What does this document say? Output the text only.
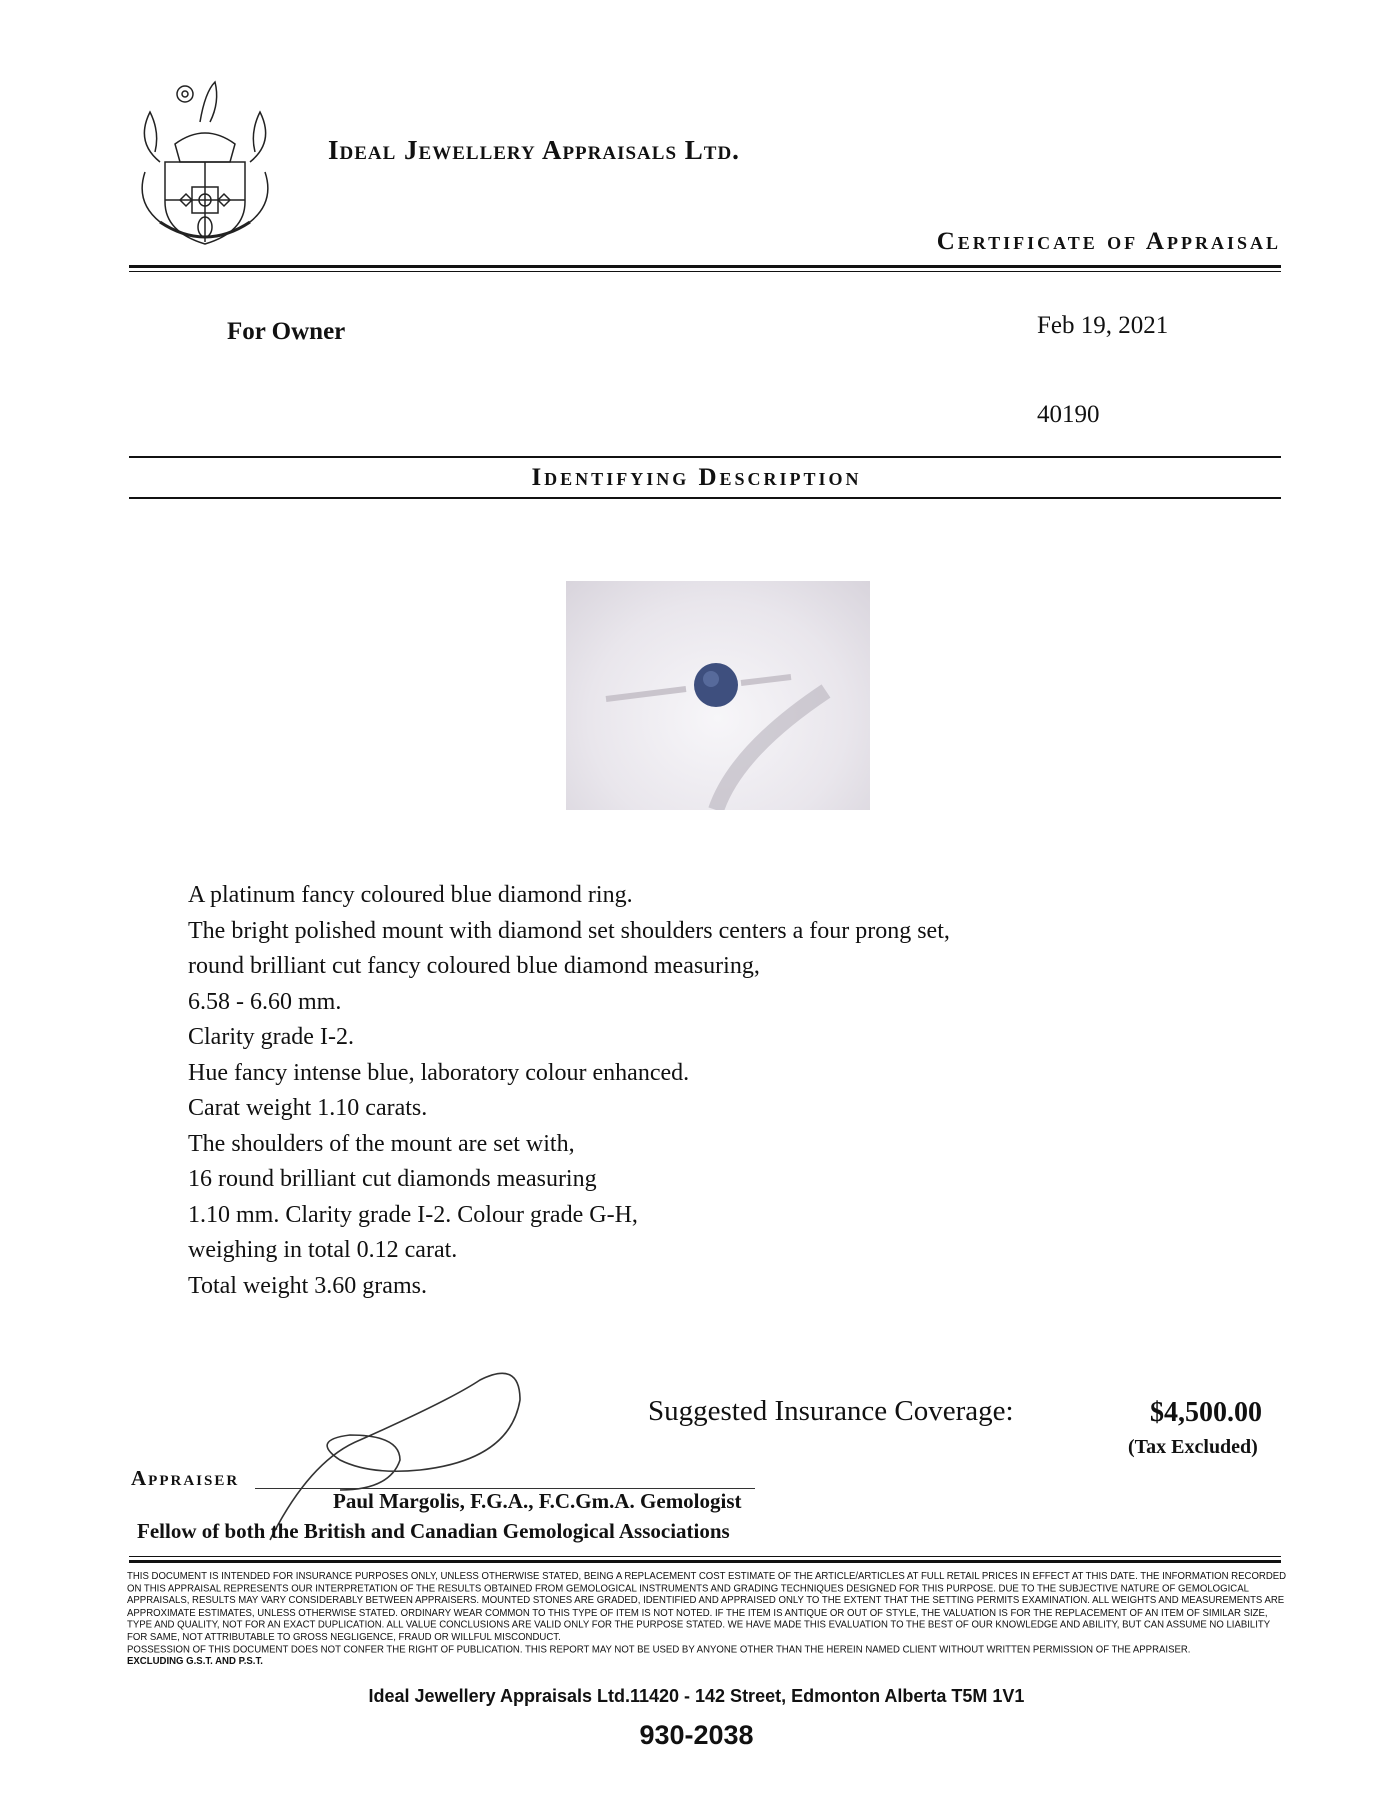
Ideal Jewellery Appraisals Ltd.
Certificate of Appraisal
For Owner	Feb 19, 2021
40190
Identifying Description
A platinum fancy coloured blue diamond ring.
The bright polished mount with diamond set shoulders centers a four prong set,
round brilliant cut fancy coloured blue diamond measuring,
6.58 - 6.60 mm.
Clarity grade I-2.
Hue fancy intense blue, laboratory colour enhanced.
Carat weight 1.10 carats.
The shoulders of the mount are set with,
16 round brilliant cut diamonds measuring
1.10 mm. Clarity grade I-2. Colour grade G-H,
weighing in total 0.12 carat.
Total weight 3.60 grams.
Suggested Insurance Coverage:	$4,500.00
(Tax Excluded)
Appraiser
Paul Margolis, F.G.A., F.C.Gm.A. Gemologist
Fellow of both the British and Canadian Gemological Associations
THIS DOCUMENT IS INTENDED FOR INSURANCE PURPOSES ONLY, UNLESS OTHERWISE STATED, BEING A REPLACEMENT COST ESTIMATE OF THE ARTICLE/ARTICLES AT FULL RETAIL PRICES IN EFFECT AT THIS DATE. THE INFORMATION RECORDED ON THIS APPRAISAL REPRESENTS OUR INTERPRETATION OF THE RESULTS OBTAINED FROM GEMOLOGICAL INSTRUMENTS AND GRADING TECHNIQUES DESIGNED FOR THIS PURPOSE. DUE TO THE SUBJECTIVE NATURE OF GEMOLOGICAL APPRAISALS, RESULTS MAY VARY CONSIDERABLY BETWEEN APPRAISERS. MOUNTED STONES ARE GRADED, IDENTIFIED AND APPRAISED ONLY TO THE EXTENT THAT THE SETTING PERMITS EXAMINATION. ALL WEIGHTS AND MEASUREMENTS ARE APPROXIMATE ESTIMATES, UNLESS OTHERWISE STATED. ORDINARY WEAR COMMON TO THIS TYPE OF ITEM IS NOT NOTED. IF THE ITEM IS ANTIQUE OR OUT OF STYLE, THE VALUATION IS FOR THE REPLACEMENT OF AN ITEM OF SIMILAR SIZE, TYPE AND QUALITY, NOT FOR AN EXACT DUPLICATION. ALL VALUE CONCLUSIONS ARE VALID ONLY FOR THE PURPOSE STATED. WE HAVE MADE THIS EVALUATION TO THE BEST OF OUR KNOWLEDGE AND ABILITY, BUT CAN ASSUME NO LIABILITY FOR SAME, NOT ATTRIBUTABLE TO GROSS NEGLIGENCE, FRAUD OR WILLFUL MISCONDUCT.
POSSESSION OF THIS DOCUMENT DOES NOT CONFER THE RIGHT OF PUBLICATION. THIS REPORT MAY NOT BE USED BY ANYONE OTHER THAN THE HEREIN NAMED CLIENT WITHOUT WRITTEN PERMISSION OF THE APPRAISER.
EXCLUDING G.S.T. AND P.S.T.
Ideal Jewellery Appraisals Ltd.11420 - 142 Street, Edmonton Alberta T5M 1V1
930-2038
